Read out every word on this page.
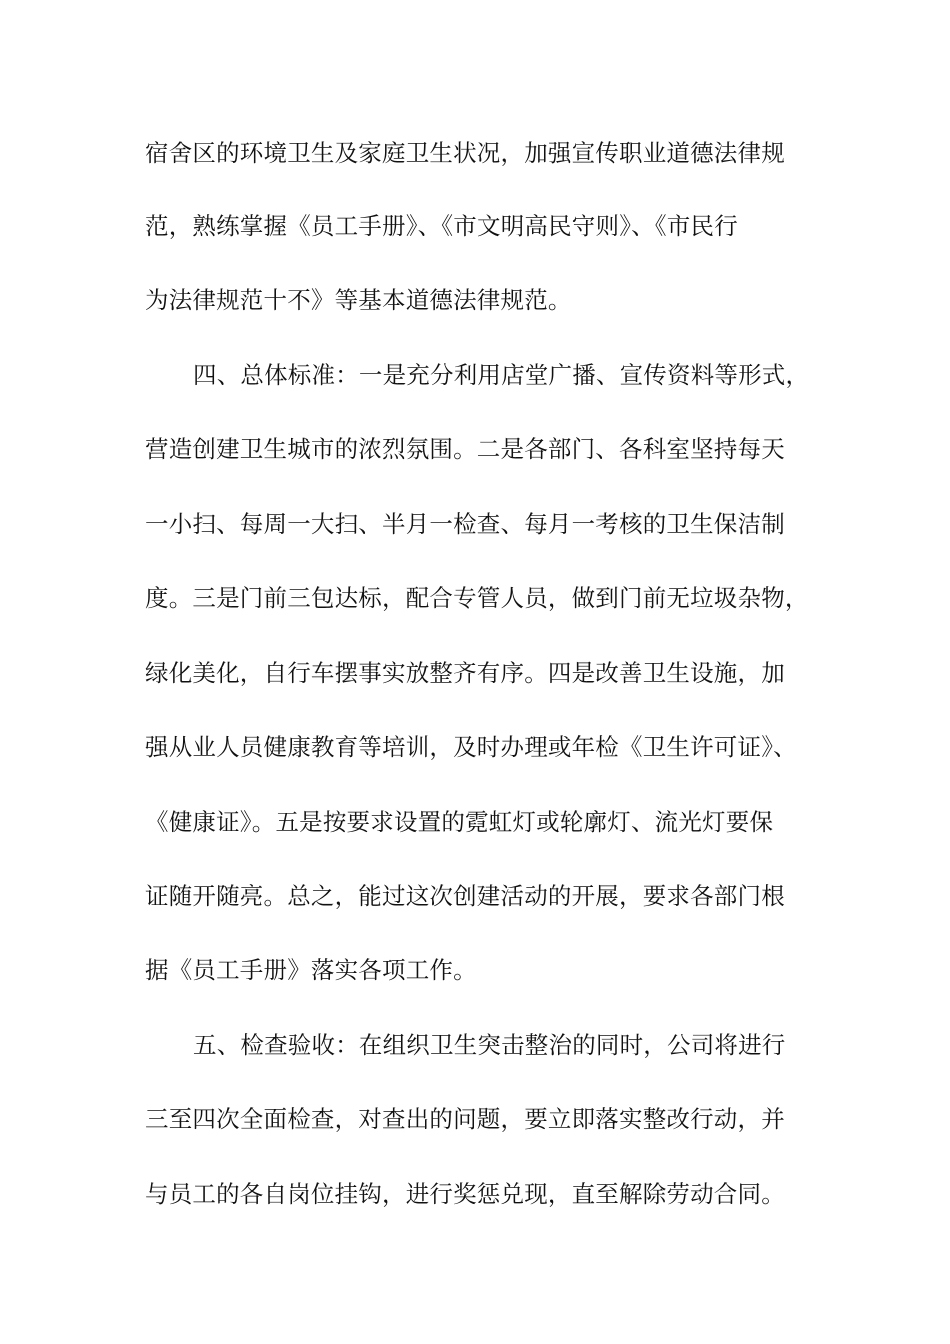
宿舍区的环境卫生及家庭卫生状况，加强宣传职业道德法律规
范，熟练掌握《员工手册》、《市文明高民守则》、《市民行
为法律规范十不》等基本道德法律规范。
四、总体标准：一是充分利用店堂广播、宣传资料等形式，
营造创建卫生城市的浓烈氛围。二是各部门、各科室坚持每天
一小扫、每周一大扫、半月一检查、每月一考核的卫生保洁制
度。三是门前三包达标，配合专管人员，做到门前无垃圾杂物，
绿化美化，自行车摆事实放整齐有序。四是改善卫生设施，加
强从业人员健康教育等培训，及时办理或年检《卫生许可证》、
《健康证》。五是按要求设置的霓虹灯或轮廓灯、流光灯要保
证随开随亮。总之，能过这次创建活动的开展，要求各部门根
据《员工手册》落实各项工作。
五、检查验收：在组织卫生突击整治的同时，公司将进行
三至四次全面检查，对查出的问题，要立即落实整改行动，并
与员工的各自岗位挂钩，进行奖惩兑现，直至解除劳动合同。
